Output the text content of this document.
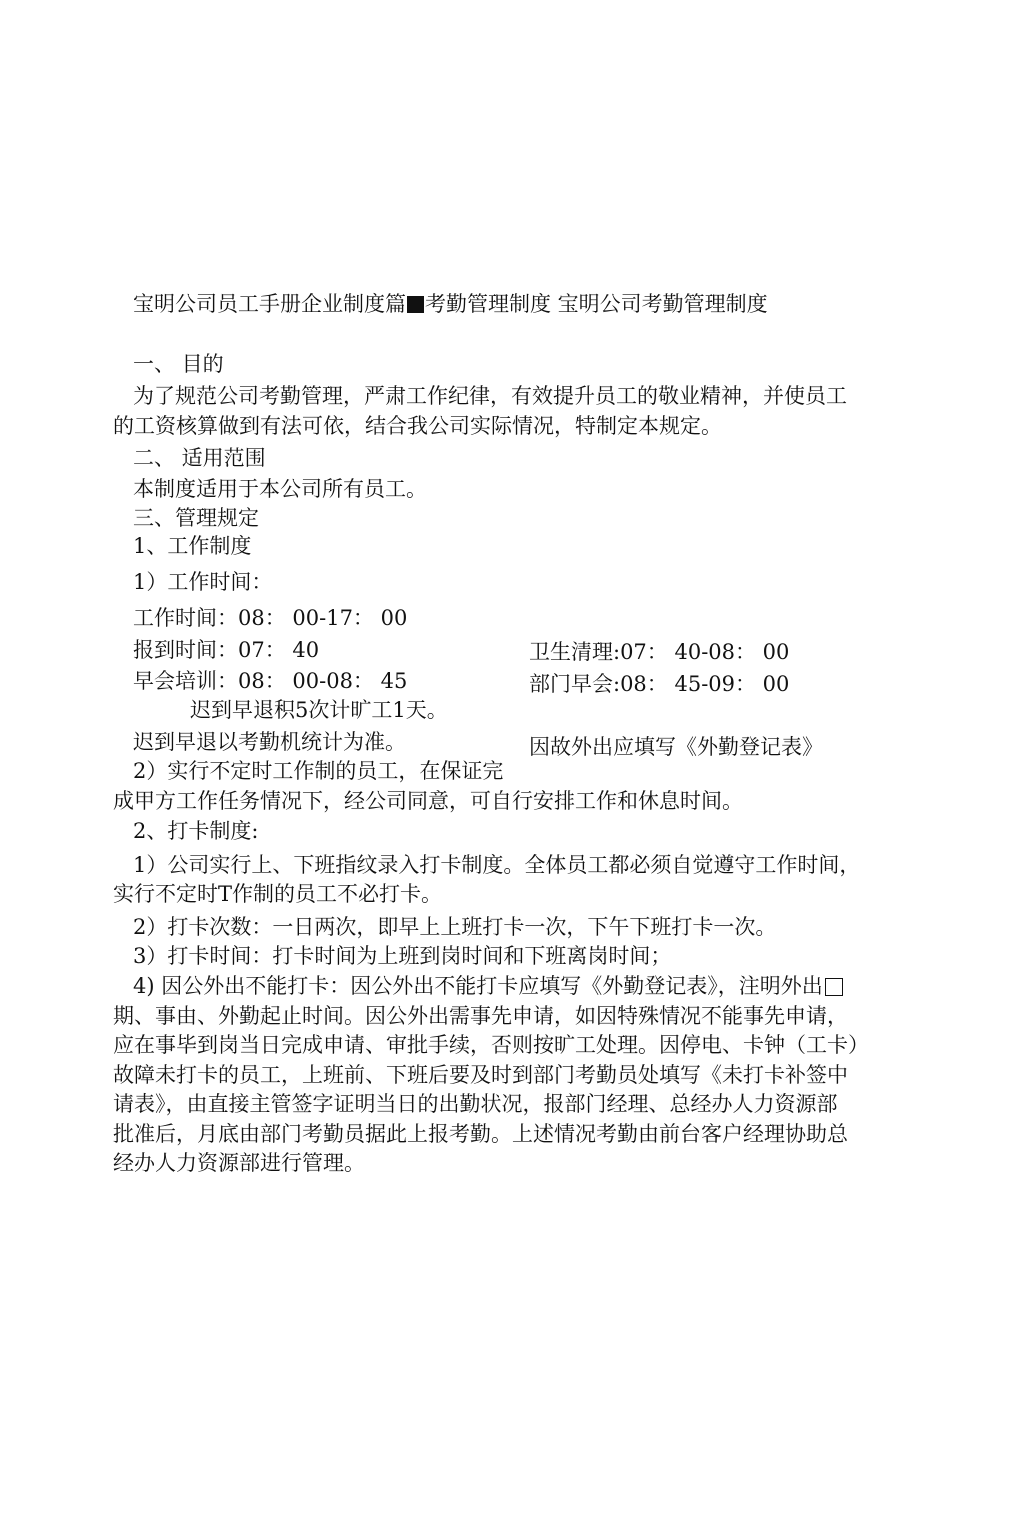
宝明公司员工手册企业制度篇 考勤管理制度 宝明公司考勤管理制度
一、 目的
为了规范公司考勤管理，严肃工作纪律，有效提升员工的敬业精神，并使员工
的工资核算做到有法可依，结合我公司实际情况，特制定本规定。
二、 适用范围
本制度适用于本公司所有员工。
三、管理规定
1、工作制度
1）工作时间：
工作时间：08： 00-17： 00
报到时间：07： 40	卫生清理:07： 40-08： 00
早会培训：08： 00-08： 45	部门早会:08： 45-09： 00
迟到早退积5次计旷工1天。
迟到早退以考勤机统计为准。	因故外出应填写《外勤登记表》
2）实行不定时工作制的员工，在保证完
成甲方工作任务情况下，经公司同意，可自行安排工作和休息时间。
2、打卡制度:
1）公司实行上、下班指纹录入打卡制度。全体员工都必须自觉遵守工作时间，
实行不定时T作制的员工不必打卡。
2）打卡次数：一日两次，即早上上班打卡一次，下午下班打卡一次。
3）打卡时间：打卡时间为上班到岗时间和下班离岗时间；
4) 因公外出不能打卡：因公外出不能打卡应填写《外勤登记表》，注明外出
期、事由、外勤起止时间。因公外出需事先申请，如因特殊情况不能事先申请，
应在事毕到岗当日完成申请、审批手续，否则按旷工处理。因停电、卡钟（工卡）
故障未打卡的员工，上班前、下班后要及时到部门考勤员处填写《未打卡补签中
请表》，由直接主管签字证明当日的出勤状况，报部门经理、总经办人力资源部
批准后，月底由部门考勤员据此上报考勤。上述情况考勤由前台客户经理协助总
经办人力资源部进行管理。
